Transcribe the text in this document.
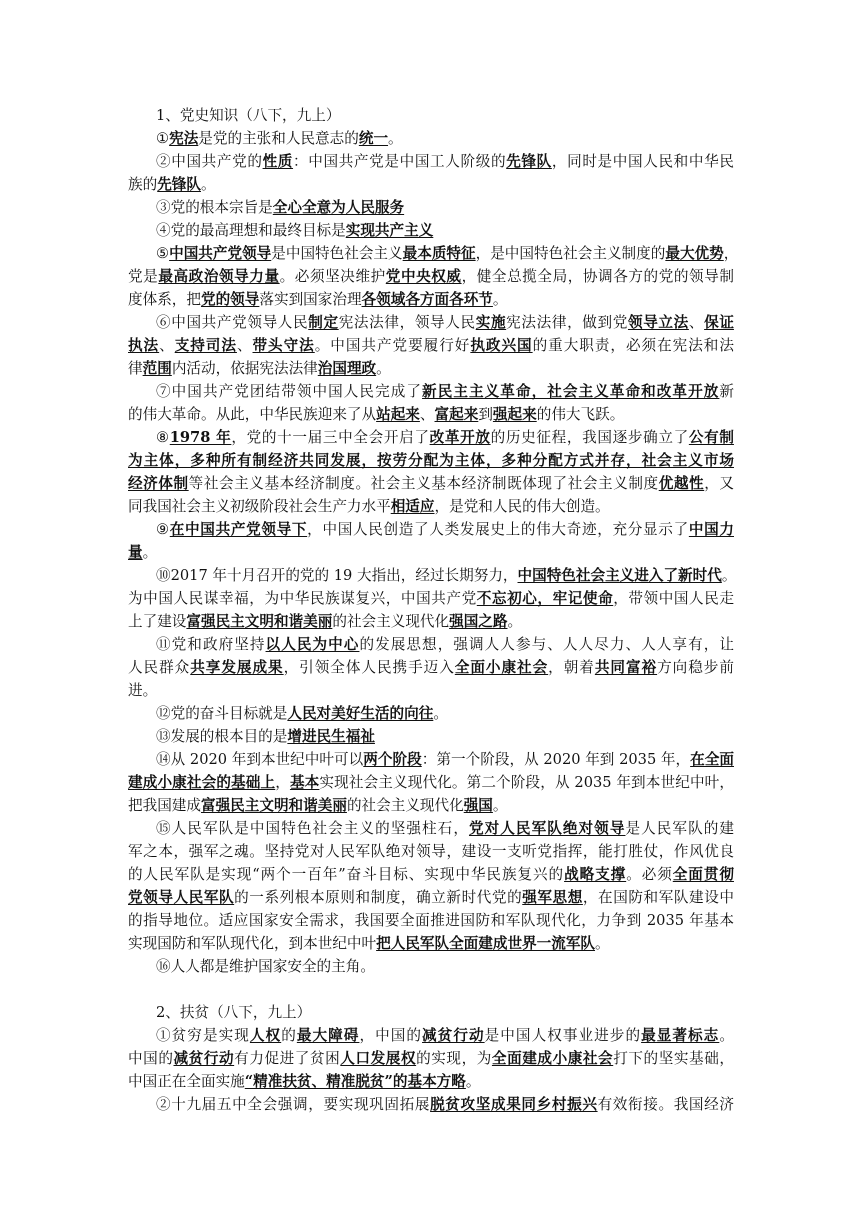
1、党史知识（八下，九上）
①宪法是党的主张和人民意志的统一。
②中国共产党的性质：中国共产党是中国工人阶级的先锋队，同时是中国人民和中华民
族的先锋队。
③党的根本宗旨是全心全意为人民服务
④党的最高理想和最终目标是实现共产主义
⑤中国共产党领导是中国特色社会主义最本质特征，是中国特色社会主义制度的最大优势，
党是最高政治领导力量。必须坚决维护党中央权威，健全总揽全局，协调各方的党的领导制
度体系，把党的领导落实到国家治理各领域各方面各环节。
⑥中国共产党领导人民制定宪法法律，领导人民实施宪法法律，做到党领导立法、保证
执法、支持司法、带头守法。中国共产党要履行好执政兴国的重大职责，必须在宪法和法
律范围内活动，依据宪法法律治国理政。
⑦中国共产党团结带领中国人民完成了新民主主义革命，社会主义革命和改革开放新
的伟大革命。从此，中华民族迎来了从站起来、富起来到强起来的伟大飞跃。
⑧1978 年，党的十一届三中全会开启了改革开放的历史征程，我国逐步确立了公有制
为主体，多种所有制经济共同发展，按劳分配为主体，多种分配方式并存，社会主义市场
经济体制等社会主义基本经济制度。社会主义基本经济制既体现了社会主义制度优越性，又
同我国社会主义初级阶段社会生产力水平相适应，是党和人民的伟大创造。
⑨在中国共产党领导下，中国人民创造了人类发展史上的伟大奇迹，充分显示了中国力
量。
⑩2017 年十月召开的党的 19 大指出，经过长期努力，中国特色社会主义进入了新时代。
为中国人民谋幸福，为中华民族谋复兴，中国共产党不忘初心，牢记使命，带领中国人民走
上了建设富强民主文明和谐美丽的社会主义现代化强国之路。
⑪党和政府坚持以人民为中心的发展思想，强调人人参与、人人尽力、人人享有，让
人民群众共享发展成果，引领全体人民携手迈入全面小康社会，朝着共同富裕方向稳步前
进。
⑫党的奋斗目标就是人民对美好生活的向往。
⑬发展的根本目的是增进民生福祉
⑭从 2020 年到本世纪中叶可以两个阶段：第一个阶段，从 2020 年到 2035 年，在全面
建成小康社会的基础上，基本实现社会主义现代化。第二个阶段，从 2035 年到本世纪中叶，
把我国建成富强民主文明和谐美丽的社会主义现代化强国。
⑮人民军队是中国特色社会主义的坚强柱石，党对人民军队绝对领导是人民军队的建
军之本，强军之魂。坚持党对人民军队绝对领导，建设一支听党指挥，能打胜仗，作风优良
的人民军队是实现“两个一百年”奋斗目标、实现中华民族复兴的战略支撑。必须全面贯彻
党领导人民军队的一系列根本原则和制度，确立新时代党的强军思想，在国防和军队建设中
的指导地位。适应国家安全需求，我国要全面推进国防和军队现代化，力争到 2035 年基本
实现国防和军队现代化，到本世纪中叶把人民军队全面建成世界一流军队。
⑯人人都是维护国家安全的主角。
2、扶贫（八下，九上）
①贫穷是实现人权的最大障碍，中国的减贫行动是中国人权事业进步的最显著标志。
中国的减贫行动有力促进了贫困人口发展权的实现，为全面建成小康社会打下的坚实基础，
中国正在全面实施“精准扶贫、精准脱贫”的基本方略。
②十九届五中全会强调，要实现巩固拓展脱贫攻坚成果同乡村振兴有效衔接。我国经济
